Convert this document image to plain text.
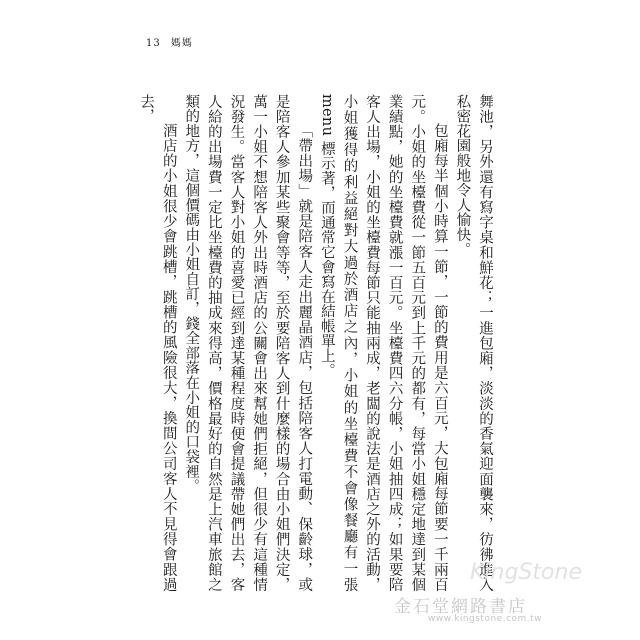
13 媽媽

舞池，另外還有寫字桌和鮮花；一進包廂，淡淡的香氣迎面襲來，彷彿進入私密花園般地令人愉快。

包廂每半個小時算一節，一節的費用是六百元，大包廂每節要一千兩百元。小姐的坐檯費從一節五百元到上千元的都有，每當小姐穩定地達到某個業績點，她的坐檯費就漲一百元。坐檯費四六分帳，小姐抽四成；如果要陪客人出場，小姐的坐檯費每節只能抽兩成，老闆的說法是酒店之外的活動，小姐獲得的利益絕對大過於酒店之內，小姐的坐檯費不會像餐廳有一張 menu 標示著，而通常它會寫在結帳單上。

「帶出場」就是陪客人走出麗晶酒店，包括陪客人打電動、保齡球，或是陪客人參加某些聚會等等，至於要陪客人到什麼樣的場合由小姐們決定，萬一小姐不想陪客人外出時酒店的公關會出來幫她們拒絕，但很少有這種情況發生。當客人對小姐的喜愛已經到達某種程度時便會提議帶她們出去，客人給的出場費一定比坐檯費的抽成來得高，價格最好的自然是上汽車旅館之類的地方，這個價碼由小姐自訂，錢全部落在小姐的口袋裡。

酒店的小姐很少會跳槽，跳槽的風險很大，換間公司客人不見得會跟過去，

KingStone
金石堂網路書店
www.kingstone.com.tw
